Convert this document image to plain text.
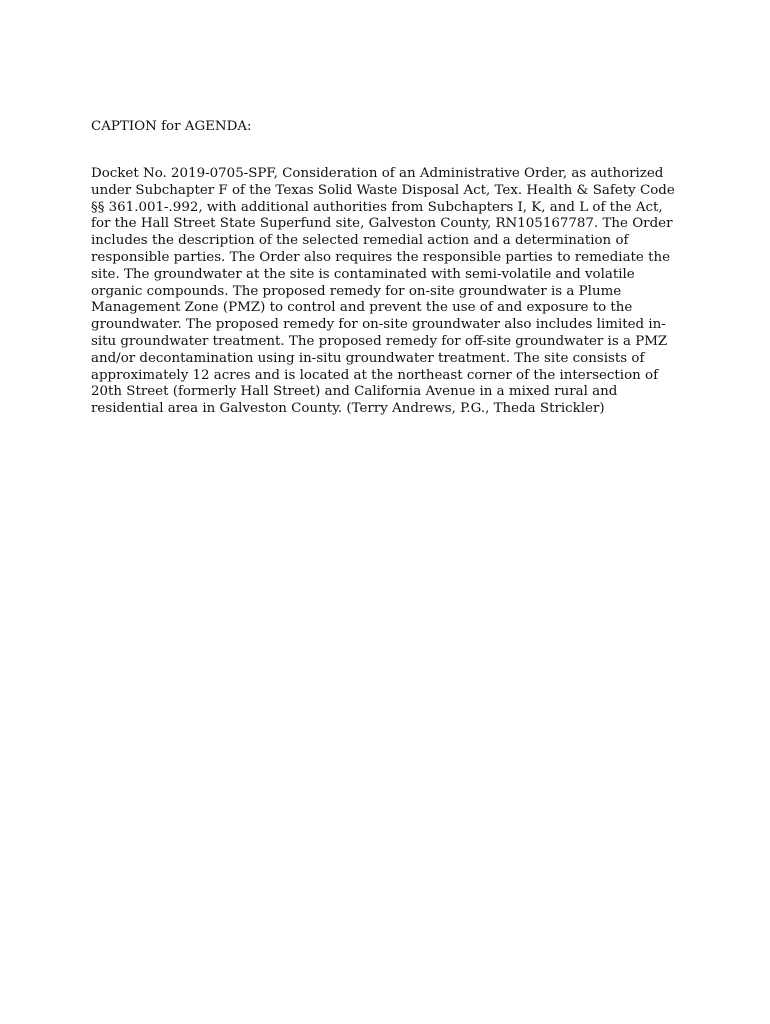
CAPTION for AGENDA:

Docket No. 2019-0705-SPF, Consideration of an Administrative Order, as authorized
under Subchapter F of the Texas Solid Waste Disposal Act, Tex. Health & Safety Code
§§ 361.001-.992, with additional authorities from Subchapters I, K, and L of the Act,
for the Hall Street State Superfund site, Galveston County, RN105167787. The Order
includes the description of the selected remedial action and a determination of
responsible parties. The Order also requires the responsible parties to remediate the
site. The groundwater at the site is contaminated with semi-volatile and volatile
organic compounds. The proposed remedy for on-site groundwater is a Plume
Management Zone (PMZ) to control and prevent the use of and exposure to the
groundwater. The proposed remedy for on-site groundwater also includes limited in-
situ groundwater treatment. The proposed remedy for off-site groundwater is a PMZ
and/or decontamination using in-situ groundwater treatment. The site consists of
approximately 12 acres and is located at the northeast corner of the intersection of
20th Street (formerly Hall Street) and California Avenue in a mixed rural and
residential area in Galveston County. (Terry Andrews, P.G., Theda Strickler)
